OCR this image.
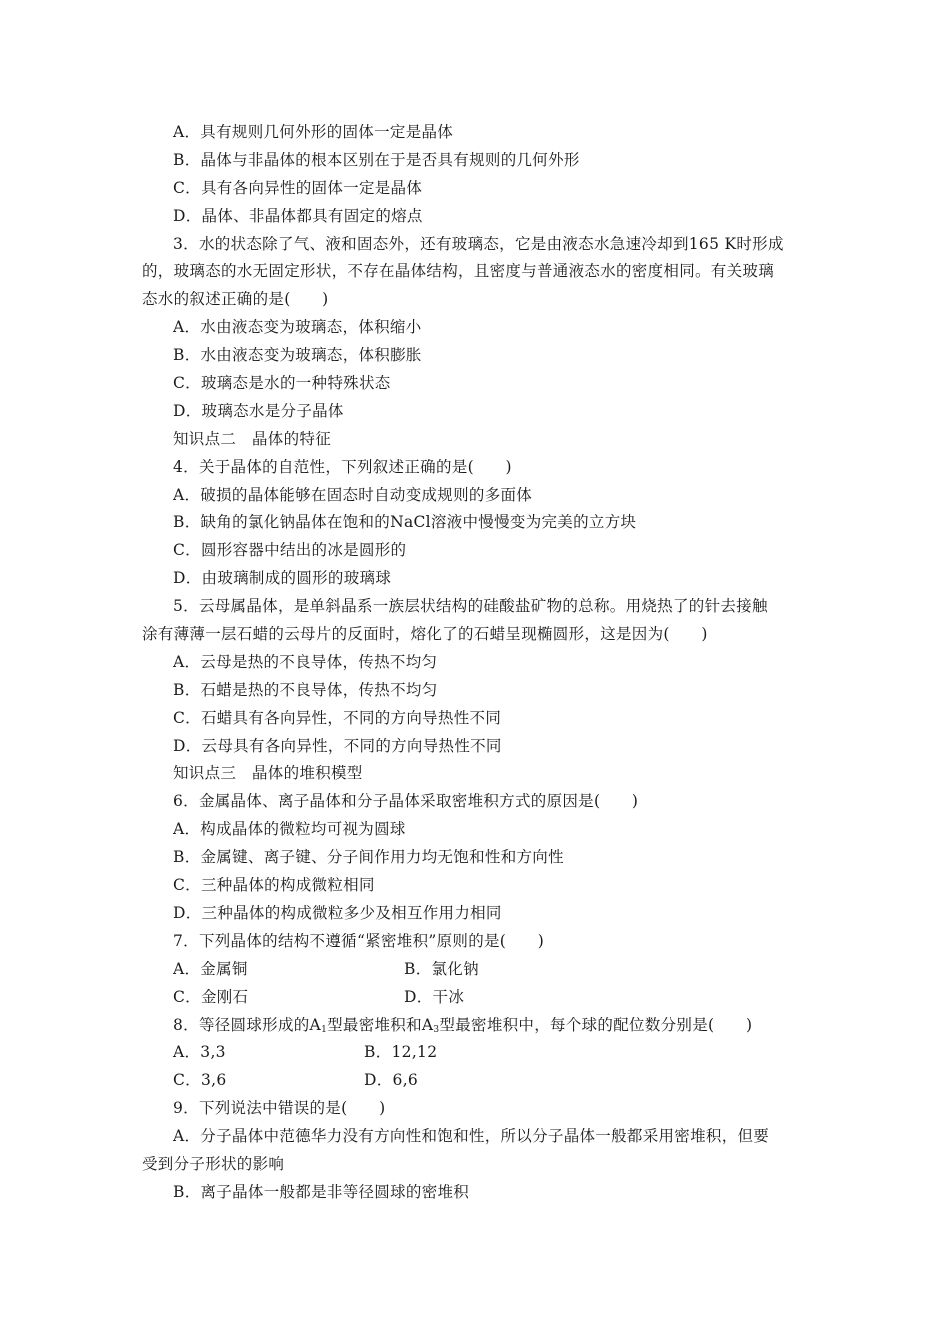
A．具有规则几何外形的固体一定是晶体
B．晶体与非晶体的根本区别在于是否具有规则的几何外形
C．具有各向异性的固体一定是晶体
D．晶体、非晶体都具有固定的熔点
3．水的状态除了气、液和固态外，还有玻璃态，它是由液态水急速冷却到165 K时形成
的，玻璃态的水无固定形状，不存在晶体结构，且密度与普通液态水的密度相同。有关玻璃
态水的叙述正确的是(　　)
A．水由液态变为玻璃态，体积缩小
B．水由液态变为玻璃态，体积膨胀
C．玻璃态是水的一种特殊状态
D．玻璃态水是分子晶体
知识点二　晶体的特征
4．关于晶体的自范性，下列叙述正确的是(　　)
A．破损的晶体能够在固态时自动变成规则的多面体
B．缺角的氯化钠晶体在饱和的NaCl溶液中慢慢变为完美的立方块
C．圆形容器中结出的冰是圆形的
D．由玻璃制成的圆形的玻璃球
5．云母属晶体，是单斜晶系一族层状结构的硅酸盐矿物的总称。用烧热了的针去接触
涂有薄薄一层石蜡的云母片的反面时，熔化了的石蜡呈现椭圆形，这是因为(　　)
A．云母是热的不良导体，传热不均匀
B．石蜡是热的不良导体，传热不均匀
C．石蜡具有各向异性，不同的方向导热性不同
D．云母具有各向异性，不同的方向导热性不同
知识点三　晶体的堆积模型
6．金属晶体、离子晶体和分子晶体采取密堆积方式的原因是(　　)
A．构成晶体的微粒均可视为圆球
B．金属键、离子键、分子间作用力均无饱和性和方向性
C．三种晶体的构成微粒相同
D．三种晶体的构成微粒多少及相互作用力相同
7．下列晶体的结构不遵循“紧密堆积”原则的是(　　)
A．金属铜	B．氯化钠
C．金刚石	D．干冰
8．等径圆球形成的$A_1$型最密堆积和$A_3$型最密堆积中，每个球的配位数分别是(　　)
A．3,3	B．12,12
C．3,6	D．6,6
9．下列说法中错误的是(　　)
A．分子晶体中范德华力没有方向性和饱和性，所以分子晶体一般都采用密堆积，但要
受到分子形状的影响
B．离子晶体一般都是非等径圆球的密堆积
